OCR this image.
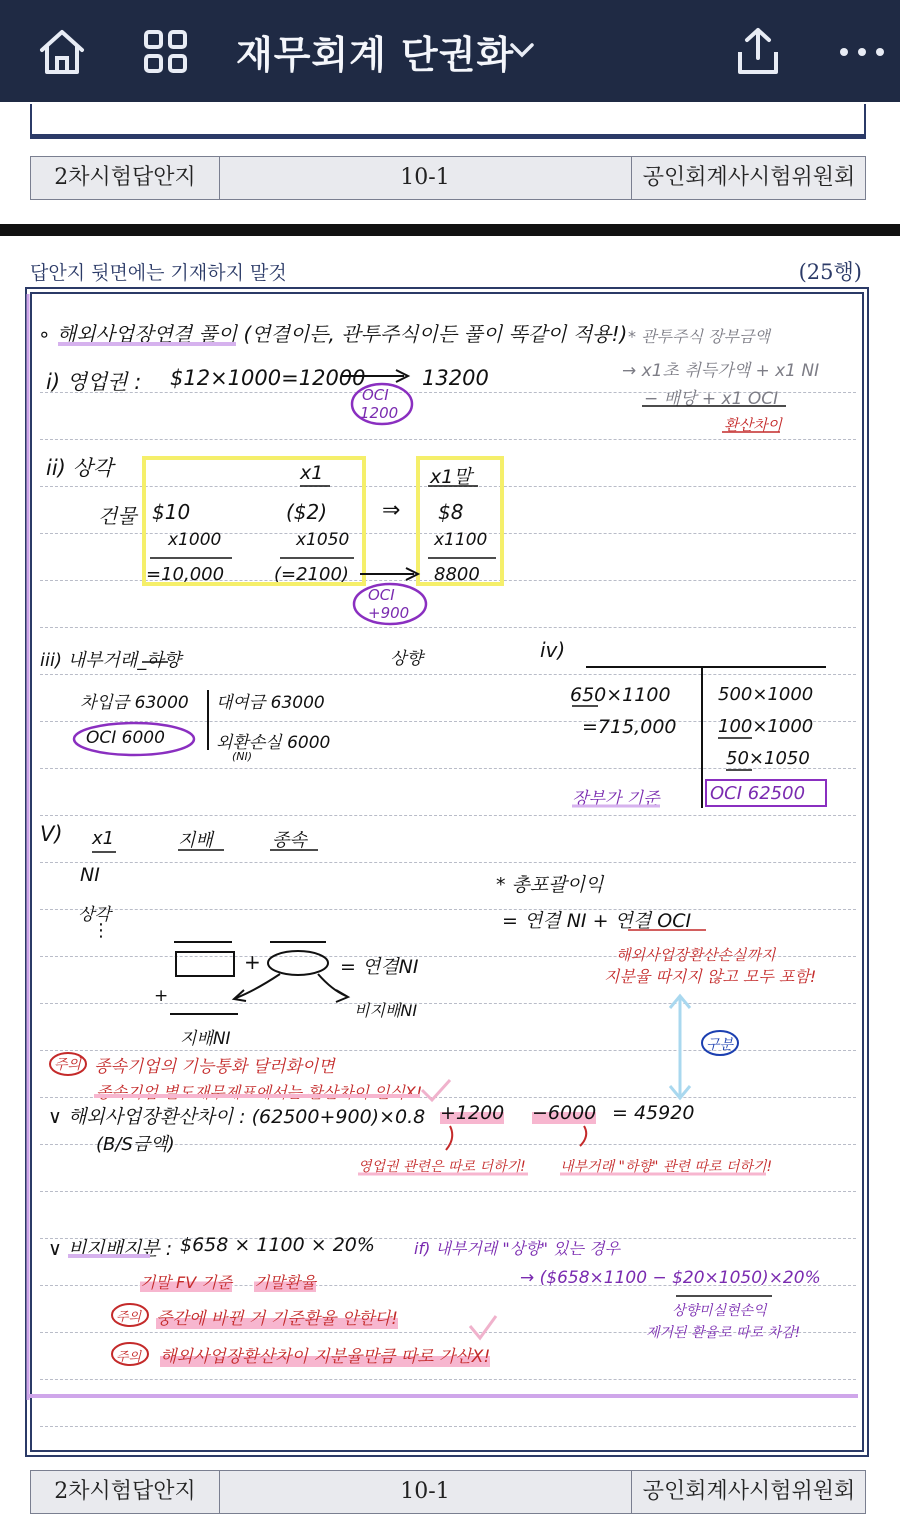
재무회계 단권화
2차시험답안지	10-1	공인회계사시험위원회
답안지 뒷면에는 기재하지 말것	(25행)
∘ 해외사업장연결 풀이 (연결이든, 관투주식이든 풀이 똑같이 적용!) * 관투주식 장부금액
→ x1초 취득가액 + x1 NI
− 배당 + x1 OCI
환산차이
i) 영업권 : $12×1000=12000	13200
OCI
1200
ii) 상각	x1	x1말
건물 $10	($2) ⇒ $8
x1000	x1050	x1100
=10,000	(=2100)	8800
OCI
+900
iii) 내부거래_하향	상향
차입금 63000 대여금 63000
OCI 6000	외환손실 6000
(NI)
iv)
650×1100
=715,000
500×1000
100×1000
50×1050
장부가 기준	OCI 62500
V) x1	지배	종속
NI
상각
⋮
* 총포괄이익
= 연결 NI + 연결 OCI
해외사업장환산손실까지
지분율 따지지 않고 모두 포함!
+	= 연결NI
+
비지배NI
지배NI	구분
주의 종속기업의 기능통화 달러화이면
종속기업 별도재무제표에서는 환산차이 인식X!
∨ 해외사업장환산차이 : (62500+900)×0.8 +1200 −6000 = 45920
(B/S금액)
영업권 관련은 따로 더하기! 내부거래 "하향" 관련 따로 더하기!
∨ 비지배지분 : $658 × 1100 × 20%
기말 FV 기준 기말환율
if) 내부거래 "상향" 있는 경우
→ ($658×1100 − $20×1050)×20%
상향미실현손익
제거된 환율로 따로 차감!
주의 중간에 바뀐 거 기준환율 안한다!
주의 해외사업장환산차이 지분율만큼 따로 가산X!
2차시험답안지	10-1	공인회계사시험위원회
